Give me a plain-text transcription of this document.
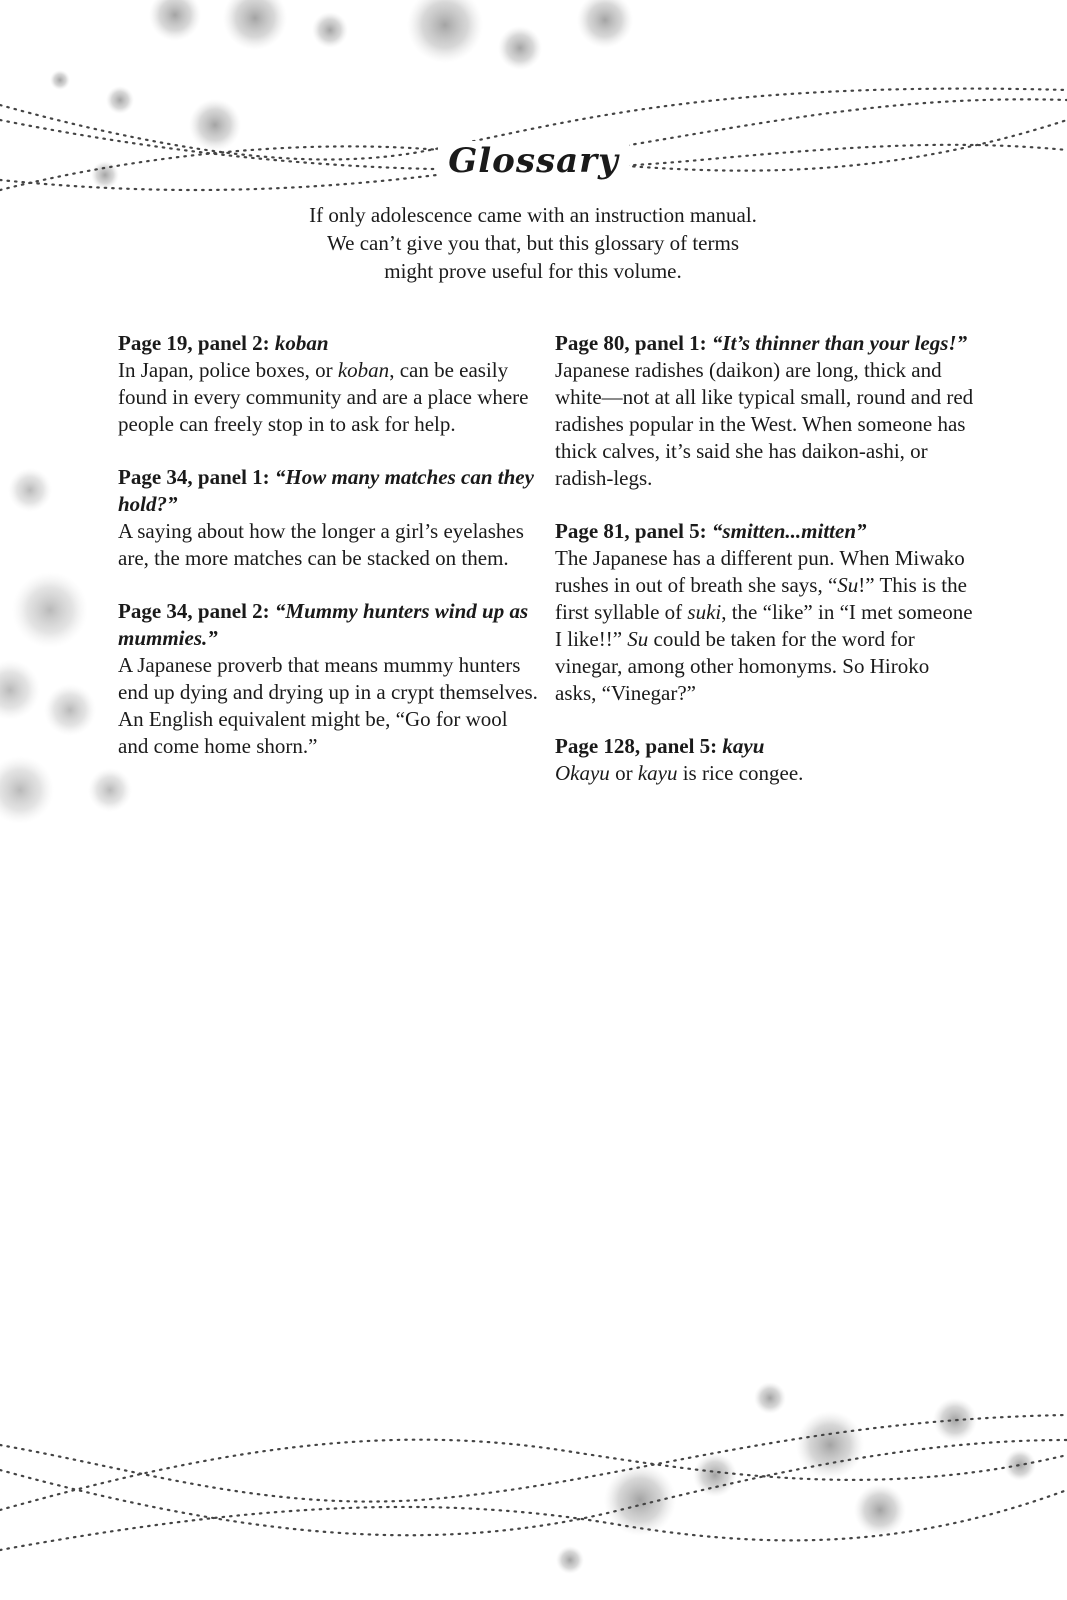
Glossary
If only adolescence came with an instruction manual.
We can’t give you that, but this glossary of terms
might prove useful for this volume.
Page 19, panel 2: koban
In Japan, police boxes, or koban, can be easily found in every community and are a place where people can freely stop in to ask for help.
Page 34, panel 1: “How many matches can they hold?”
A saying about how the longer a girl’s eyelashes are, the more matches can be stacked on them.
Page 34, panel 2: “Mummy hunters wind up as mummies.”
A Japanese proverb that means mummy hunters end up dying and drying up in a crypt themselves. An English equivalent might be, “Go for wool and come home shorn.”
Page 80, panel 1: “It’s thinner than your legs!”
Japanese radishes (daikon) are long, thick and white—not at all like typical small, round and red radishes popular in the West. When someone has thick calves, it’s said she has daikon-ashi, or radish-legs.
Page 81, panel 5: “smitten...mitten”
The Japanese has a different pun. When Miwako rushes in out of breath she says, “Su!” This is the first syllable of suki, the “like” in “I met someone I like!!” Su could be taken for the word for vinegar, among other homonyms. So Hiroko asks, “Vinegar?”
Page 128, panel 5: kayu
Okayu or kayu is rice congee.
